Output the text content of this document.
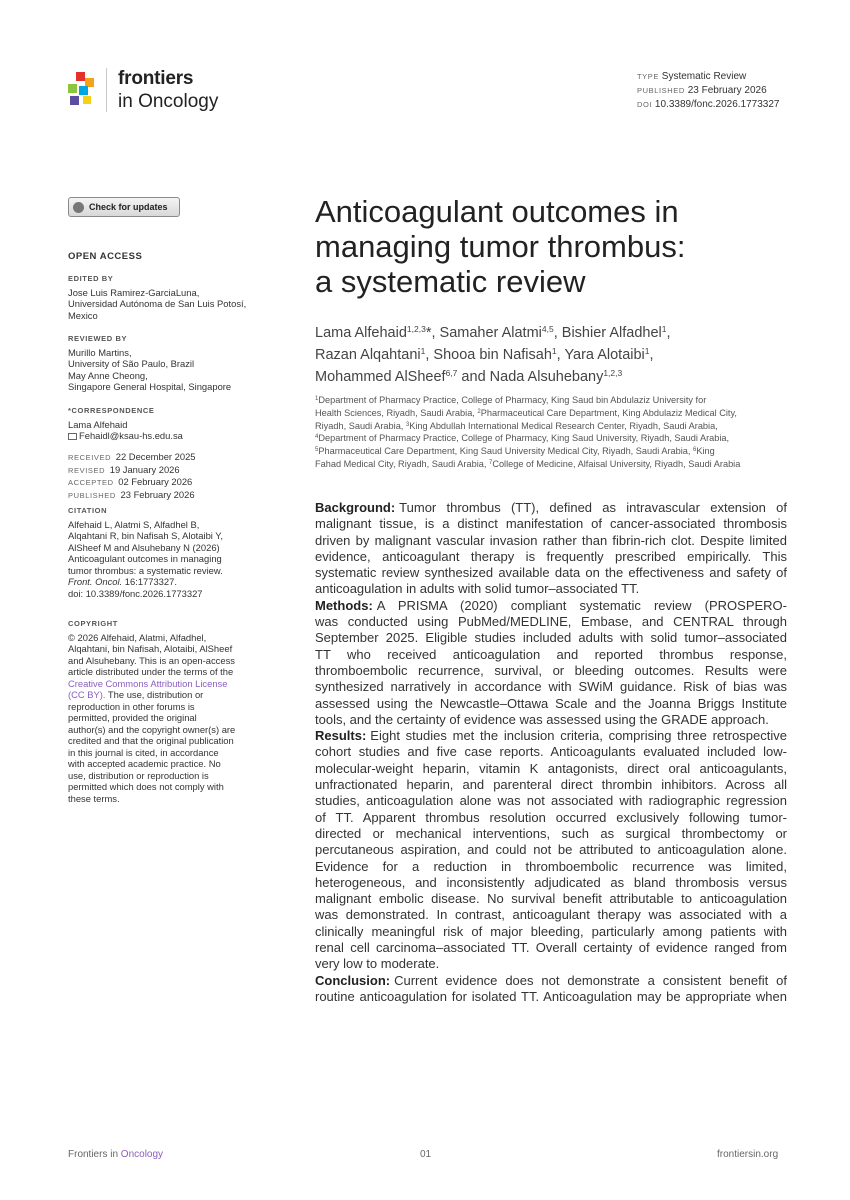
frontiers
in Oncology
TYPE Systematic Review
PUBLISHED 23 February 2026
DOI 10.3389/fonc.2026.1773327
Check for updates
OPEN ACCESS
EDITED BY
Jose Luis Ramirez-GarciaLuna,
Universidad Autónoma de San Luis Potosí,
Mexico
REVIEWED BY
Murillo Martins,
University of São Paulo, Brazil
May Anne Cheong,
Singapore General Hospital, Singapore
*CORRESPONDENCE
Lama Alfehaid
Fehaidl@ksau-hs.edu.sa
RECEIVED 22 December 2025
REVISED 19 January 2026
ACCEPTED 02 February 2026
PUBLISHED 23 February 2026
CITATION
Alfehaid L, Alatmi S, Alfadhel B,
Alqahtani R, bin Nafisah S, Alotaibi Y,
AlSheef M and Alsuhebany N (2026)
Anticoagulant outcomes in managing
tumor thrombus: a systematic review.
Front. Oncol. 16:1773327.
doi: 10.3389/fonc.2026.1773327
COPYRIGHT
© 2026 Alfehaid, Alatmi, Alfadhel,
Alqahtani, bin Nafisah, Alotaibi, AlSheef
and Alsuhebany. This is an open-access
article distributed under the terms of the
Creative Commons Attribution License
(CC BY). The use, distribution or
reproduction in other forums is
permitted, provided the original
author(s) and the copyright owner(s) are
credited and that the original publication
in this journal is cited, in accordance
with accepted academic practice. No
use, distribution or reproduction is
permitted which does not comply with
these terms.
Anticoagulant outcomes in
managing tumor thrombus:
a systematic review
Lama Alfehaid$^{1,2,3}$*, Samaher Alatmi$^{4,5}$, Bishier Alfadhel$^1$,
Razan Alqahtani$^1$, Shooa bin Nafisah$^1$, Yara Alotaibi$^1$,
Mohammed AlSheef$^{6,7}$ and Nada Alsuhebany$^{1,2,3}$
$^1$Department of Pharmacy Practice, College of Pharmacy, King Saud bin Abdulaziz University for
Health Sciences, Riyadh, Saudi Arabia, $^2$Pharmaceutical Care Department, King Abdulaziz Medical City,
Riyadh, Saudi Arabia, $^3$King Abdullah International Medical Research Center, Riyadh, Saudi Arabia,
$^4$Department of Pharmacy Practice, College of Pharmacy, King Saud University, Riyadh, Saudi Arabia,
$^5$Pharmaceutical Care Department, King Saud University Medical City, Riyadh, Saudi Arabia, $^6$King
Fahad Medical City, Riyadh, Saudi Arabia, $^7$College of Medicine, Alfaisal University, Riyadh, Saudi Arabia
Background: Tumor thrombus (TT), defined as intravascular extension of
malignant tissue, is a distinct manifestation of cancer-associated thrombosis
driven by malignant vascular invasion rather than fibrin-rich clot. Despite limited
evidence, anticoagulant therapy is frequently prescribed empirically. This
systematic review synthesized available data on the effectiveness and safety of
anticoagulation in adults with solid tumor–associated TT.
Methods: A PRISMA (2020) compliant systematic review (PROSPERO-
was conducted using PubMed/MEDLINE, Embase, and CENTRAL through
September 2025. Eligible studies included adults with solid tumor–associated
TT who received anticoagulation and reported thrombus response,
thromboembolic recurrence, survival, or bleeding outcomes. Results were
synthesized narratively in accordance with SWiM guidance. Risk of bias was
assessed using the Newcastle–Ottawa Scale and the Joanna Briggs Institute
tools, and the certainty of evidence was assessed using the GRADE approach.
Results: Eight studies met the inclusion criteria, comprising three retrospective
cohort studies and five case reports. Anticoagulants evaluated included low-
molecular-weight heparin, vitamin K antagonists, direct oral anticoagulants,
unfractionated heparin, and parenteral direct thrombin inhibitors. Across all
studies, anticoagulation alone was not associated with radiographic regression
of TT. Apparent thrombus resolution occurred exclusively following tumor-
directed or mechanical interventions, such as surgical thrombectomy or
percutaneous aspiration, and could not be attributed to anticoagulation alone.
Evidence for a reduction in thromboembolic recurrence was limited,
heterogeneous, and inconsistently adjudicated as bland thrombosis versus
malignant embolic disease. No survival benefit attributable to anticoagulation
was demonstrated. In contrast, anticoagulant therapy was associated with a
clinically meaningful risk of major bleeding, particularly among patients with
renal cell carcinoma–associated TT. Overall certainty of evidence ranged from
very low to moderate.
Conclusion: Current evidence does not demonstrate a consistent benefit of
routine anticoagulation for isolated TT. Anticoagulation may be appropriate when
Frontiers in Oncology	01	frontiersin.org
